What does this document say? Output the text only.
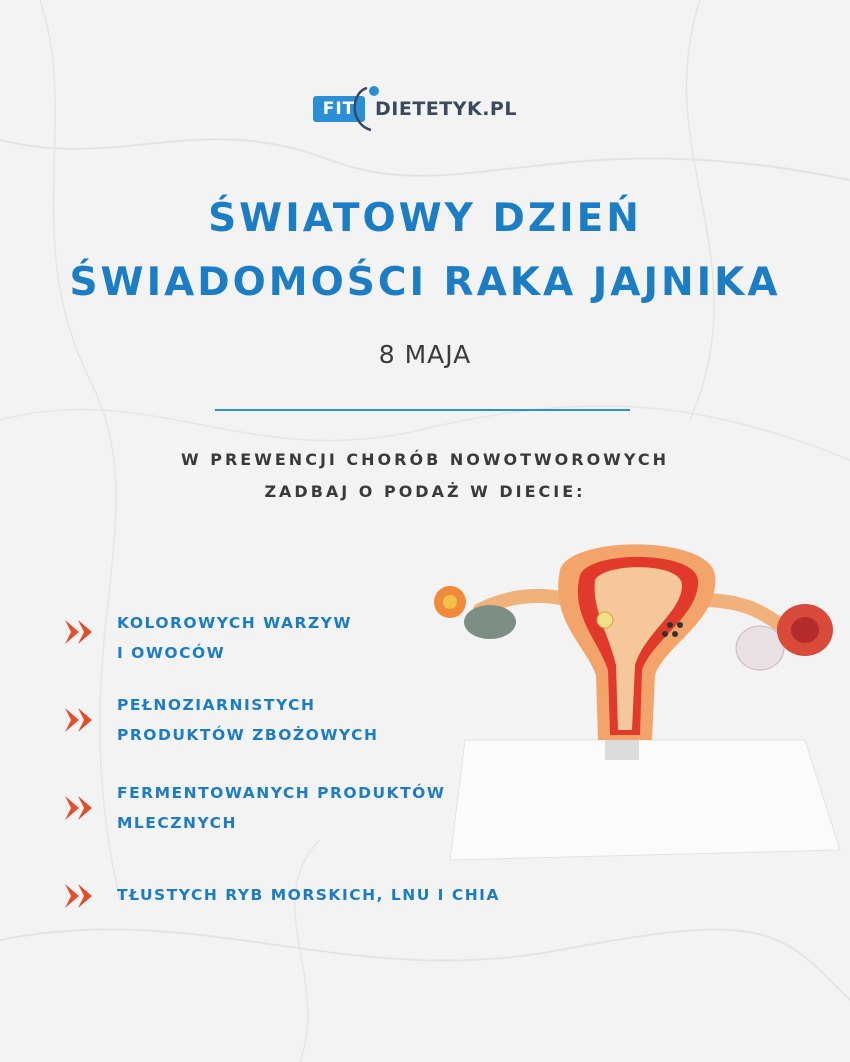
FIT	DIETETYK.PL
ŚWIATOWY DZIEŃ
ŚWIADOMOŚCI RAKA JAJNIKA
8 MAJA
W PREWENCJI CHORÓB NOWOTWOROWYCH
ZADBAJ O PODAŻ W DIECIE:
KOLOROWYCH WARZYW
I OWOCÓW
PEŁNOZIARNISTYCH
PRODUKTÓW ZBOŻOWYCH
FERMENTOWANYCH PRODUKTÓW
MLECZNYCH
TŁUSTYCH RYB MORSKICH, LNU I CHIA
